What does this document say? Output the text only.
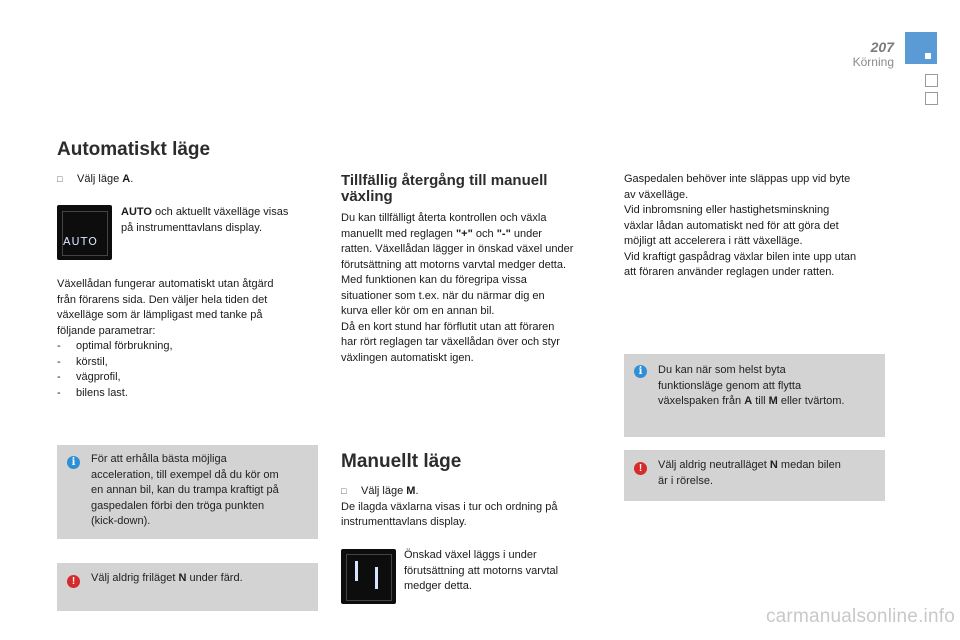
207
Körning
Automatiskt läge
□ Välj läge A.
AUTO

AUTO och aktuellt växelläge visas

på instrumenttavlans display.

Växellådan fungerar automatiskt utan åtgärd

från förarens sida. Den väljer hela tiden det

växelläge som är lämpligast med tanke på

följande parametrar:

-     optimal förbrukning,

-     körstil,

-     vägprofil,

-     bilens last.

i	För att erhålla bästa möjliga

acceleration, till exempel då du kör om

en annan bil, kan du trampa kraftigt på

gaspedalen förbi den tröga punkten

(kick-down).

!	Välj aldrig friläget N under färd.
Tillfällig återgång till manuell
växling

Du kan tillfälligt återta kontrollen och växla

manuellt med reglagen "+" och "-" under

ratten. Växellådan lägger in önskad växel under

förutsättning att motorns varvtal medger detta.

Med funktionen kan du föregripa vissa

situationer som t.ex. när du närmar dig en

kurva eller kör om en annan bil.

Då en kort stund har förflutit utan att föraren

har rört reglagen tar växellådan över och styr

växlingen automatiskt igen.

Manuellt läge

□ Välj läge M.

De ilagda växlarna visas i tur och ordning på

instrumenttavlans display.

Önskad växel läggs i under

förutsättning att motorns varvtal

medger detta.

Gaspedalen behöver inte släppas upp vid byte

av växelläge.

Vid inbromsning eller hastighetsminskning

växlar lådan automatiskt ned för att göra det

möjligt att accelerera i rätt växelläge.

Vid kraftigt gaspådrag växlar bilen inte upp utan

att föraren använder reglagen under ratten.

i	Du kan när som helst byta

funktionsläge genom att flytta

växelspaken från A till M eller tvärtom.

!	Välj aldrig neutralläget N medan bilen

är i rörelse.

carmanualsonline.info
